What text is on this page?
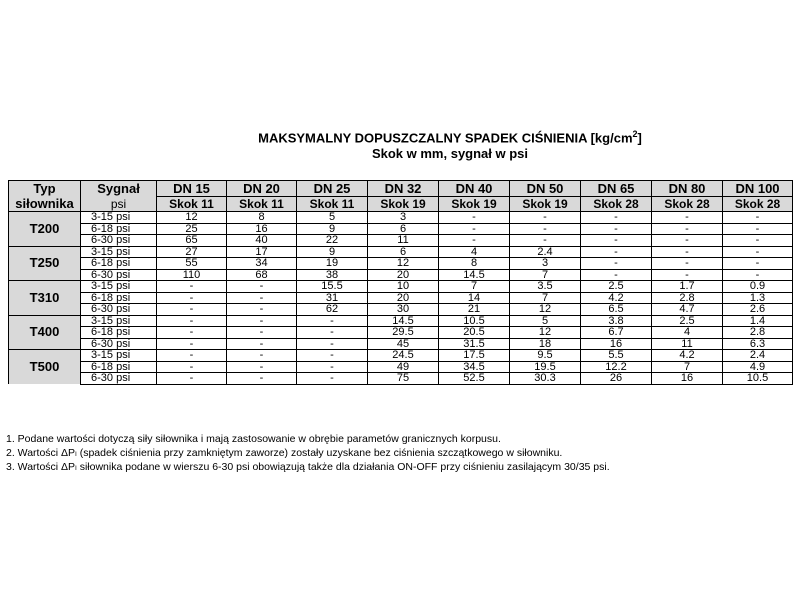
MAKSYMALNY DOPUSZCZALNY SPADEK CIŚNIENIA $[kg/cm^2]$
Skok w mm, sygnał w psi
Typ
siłownika	Sygnał	DN 15	DN 20	DN 25	DN 32	DN 40	DN 50	DN 65	DN 80	DN 100
	psi	Skok 11	Skok 11	Skok 11	Skok 19	Skok 19	Skok 19	Skok 28	Skok 28	Skok 28
T200	3-15 psi	12	8	5	3	-	-	-	-	-
	6-18 psi	25	16	9	6	-	-	-	-	-
	6-30 psi	65	40	22	11	-	-	-	-	-
T250	3-15 psi	27	17	9	6	4	2.4	-	-	-
	6-18 psi	55	34	19	12	8	3	-	-	-
	6-30 psi	110	68	38	20	14.5	7	-	-	-
T310	3-15 psi	-	-	15.5	10	7	3.5	2.5	1.7	0.9
	6-18 psi	-	-	31	20	14	7	4.2	2.8	1.3
	6-30 psi	-	-	62	30	21	12	6.5	4.7	2.6
T400	3-15 psi	-	-	-	14.5	10.5	5	3.8	2.5	1.4
	6-18 psi	-	-	-	29.5	20.5	12	6.7	4	2.8
	6-30 psi	-	-	-	45	31.5	18	16	11	6.3
T500	3-15 psi	-	-	-	24.5	17.5	9.5	5.5	4.2	2.4
	6-18 psi	-	-	-	49	34.5	19.5	12.2	7	4.9
	6-30 psi	-	-	-	75	52.5	30.3	26	16	10.5
1. Podane wartości dotyczą siły siłownika i mają zastosowanie w obrębie parametów granicznych korpusu.
2. Wartości ΔPₗ (spadek ciśnienia przy zamkniętym zaworze) zostały uzyskane bez ciśnienia szczątkowego w siłowniku.
3. Wartości ΔPₗ siłownika podane w wierszu 6-30 psi obowiązują także dla działania ON-OFF przy ciśnieniu zasilającym 30/35 psi.
